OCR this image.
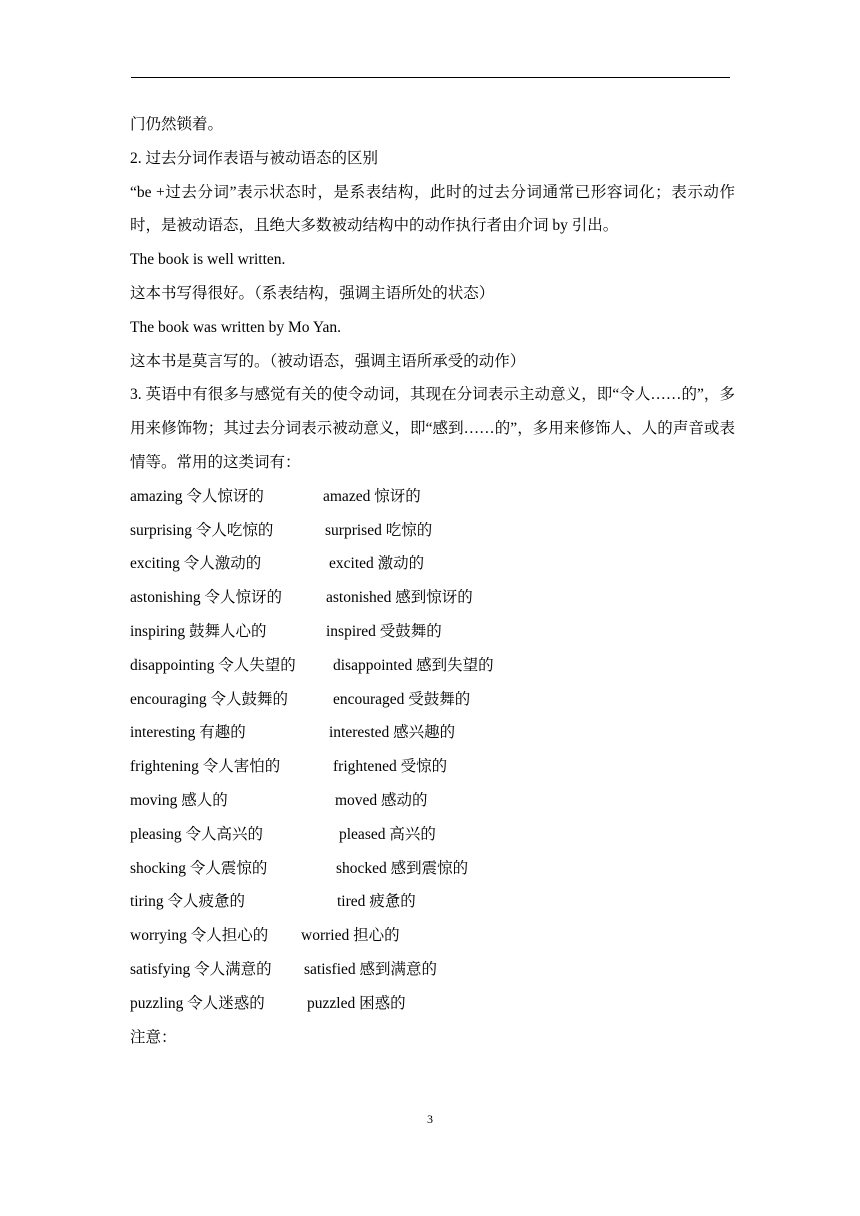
门仍然锁着。
2. 过去分词作表语与被动语态的区别
“be +过去分词”表示状态时，是系表结构，此时的过去分词通常已形容词化；表示动作时，是被动语态，且绝大多数被动结构中的动作执行者由介词 by 引出。
The book is well written.
这本书写得很好。（系表结构，强调主语所处的状态）
The book was written by Mo Yan.
这本书是莫言写的。（被动语态，强调主语所承受的动作）
3. 英语中有很多与感觉有关的使令动词，其现在分词表示主动意义，即“令人……的”，多用来修饰物；其过去分词表示被动意义，即“感到……的”，多用来修饰人、人的声音或表情等。常用的这类词有：
amazing 令人惊讶的	amazed 惊讶的
surprising 令人吃惊的	surprised 吃惊的
exciting 令人激动的	excited 激动的
astonishing 令人惊讶的	astonished 感到惊讶的
inspiring 鼓舞人心的	inspired 受鼓舞的
disappointing 令人失望的 disappointed 感到失望的
encouraging 令人鼓舞的	encouraged 受鼓舞的
interesting 有趣的	interested 感兴趣的
frightening 令人害怕的	frightened 受惊的
moving 感人的	moved 感动的
pleasing 令人高兴的	pleased 高兴的
shocking 令人震惊的	shocked 感到震惊的
tiring 令人疲惫的	tired 疲惫的
worrying 令人担心的 worried 担心的
satisfying 令人满意的 satisfied 感到满意的
puzzling 令人迷惑的	puzzled 困惑的
注意：
3
